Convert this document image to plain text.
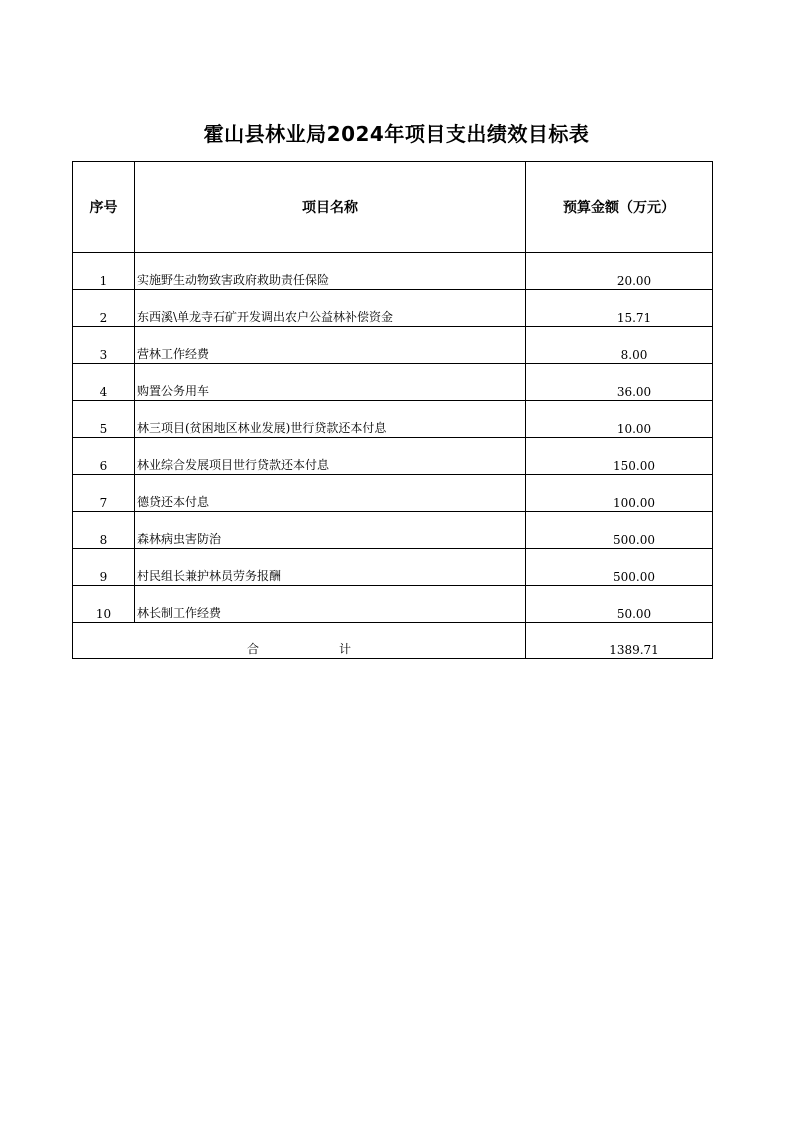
霍山县林业局2024年项目支出绩效目标表
序号	项目名称	预算金额（万元）
1	实施野生动物致害政府救助责任保险	20.00
2	东西溪\单龙寺石矿开发调出农户公益林补偿资金	15.71
3	营林工作经费	8.00
4	购置公务用车	36.00
5	林三项目(贫困地区林业发展)世行贷款还本付息	10.00
6	林业综合发展项目世行贷款还本付息	150.00
7	德贷还本付息	100.00
8	森林病虫害防治	500.00
9	村民组长兼护林员劳务报酬	500.00
10	林长制工作经费	50.00
合 计		1389.71
